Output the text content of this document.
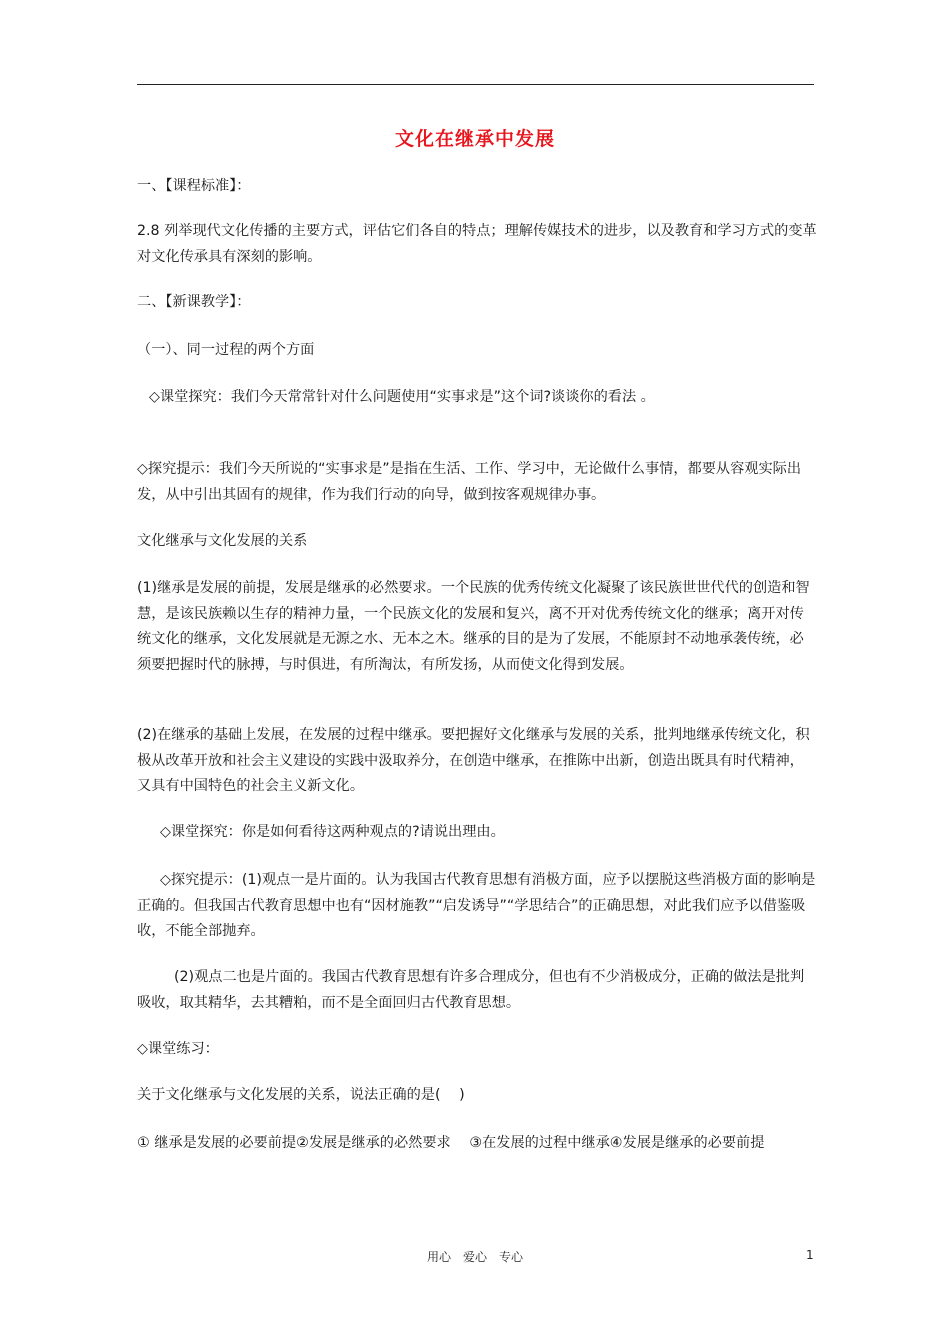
文化在继承中发展

一、【课程标准】：

2.8 列举现代文化传播的主要方式，评估它们各自的特点；理解传媒技术的进步，以及教育和学习方式的变革对文化传承具有深刻的影响。

二、【新课教学】：

（一）、同一过程的两个方面

◇课堂探究：我们今天常常针对什么问题使用“实事求是”这个词?谈谈你的看法 。

◇探究提示：我们今天所说的“实事求是”是指在生活、工作、学习中，无论做什么事情，都要从容观实际出发，从中引出其固有的规律，作为我们行动的向导，做到按客观规律办事。

文化继承与文化发展的关系

(1)继承是发展的前提，发展是继承的必然要求。一个民族的优秀传统文化凝聚了该民族世世代代的创造和智慧，是该民族赖以生存的精神力量，一个民族文化的发展和复兴，离不开对优秀传统文化的继承；离开对传统文化的继承，文化发展就是无源之水、无本之木。继承的目的是为了发展，不能原封不动地承袭传统，必须要把握时代的脉搏，与时俱进，有所淘汰，有所发扬，从而使文化得到发展。

(2)在继承的基础上发展，在发展的过程中继承。要把握好文化继承与发展的关系，批判地继承传统文化，积极从改革开放和社会主义建设的实践中汲取养分，在创造中继承，在推陈中出新，创造出既具有时代精神， 又具有中国特色的社会主义新文化。

◇课堂探究：你是如何看待这两种观点的?请说出理由。

◇探究提示：(1)观点一是片面的。认为我国古代教育思想有消极方面，应予以摆脱这些消极方面的影响是正确的。但我国古代教育思想中也有“因材施教”“启发诱导”“学思结合”的正确思想，对此我们应予以借鉴吸收，不能全部抛弃。

(2)观点二也是片面的。我国古代教育思想有许多合理成分，但也有不少消极成分，正确的做法是批判吸收，取其精华，去其糟粕，而不是全面回归古代教育思想。

◇课堂练习：

关于文化继承与文化发展的关系，说法正确的是(　 )

① 继承是发展的必要前提②发展是继承的必然要求　 ③在发展的过程中继承④发展是继承的必要前提

用心　爱心　专心	1
